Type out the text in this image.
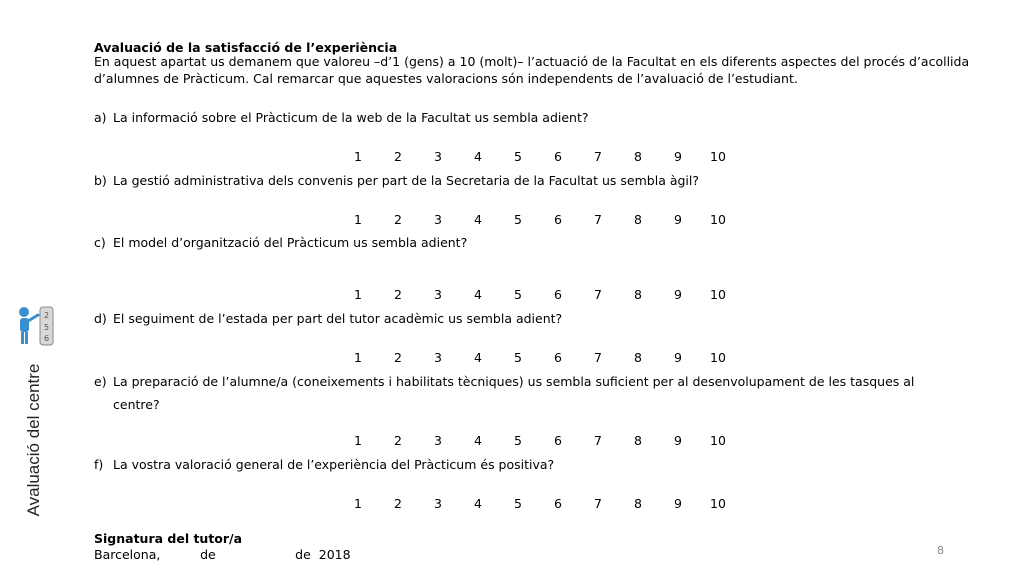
2
5
6
Avaluació del centre
Avaluació de la satisfacció de l’experiència
En aquest apartat us demanem que valoreu –d’1 (gens) a 10 (molt)– l’actuació de la Facultat en els diferents aspectes del procés d’acollida d’alumnes de Pràcticum. Cal remarcar que aquestes valoracions són independents de l’avaluació de l’estudiant.
a) La informació sobre el Pràcticum de la web de la Facultat us sembla adient?
1	2	3	4	5	6	7	8	9	10
b) La gestió administrativa dels convenis per part de la Secretaria de la Facultat us sembla àgil?
1	2	3	4	5	6	7	8	9	10
c) El model d’organització del Pràcticum us sembla adient?
1	2	3	4	5	6	7	8	9	10
d) El seguiment de l’estada per part del tutor acadèmic us sembla adient?
1	2	3	4	5	6	7	8	9	10
e) La preparació de l’alumne/a (coneixements i habilitats tècniques) us sembla suficient per al desenvolupament de les tasques al
centre?
1	2	3	4	5	6	7	8	9	10
f) La vostra valoració general de l’experiència del Pràcticum és positiva?
1	2	3	4	5	6	7	8	9	10
Signatura del tutor/a
Barcelona,          de                    de  2018	8
